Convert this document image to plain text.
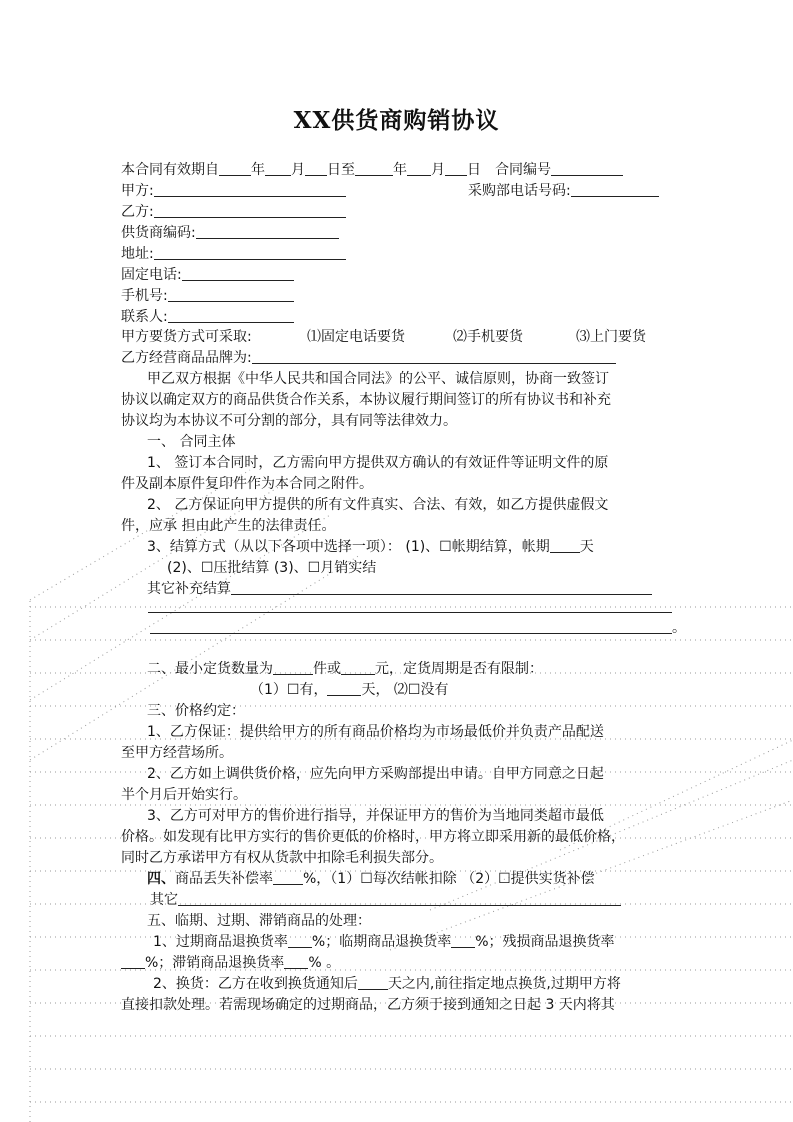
XX供货商购销协议
本合同有效期自 年 月 日至	年 月 日 合同编号
甲方:	采购部电话号码:
乙方:
供货商编码:
地址:
固定电话:
手机号:
联系人:
甲方要货方式可采取:	⑴固定电话要货	⑵手机要货	⑶上门要货
乙方经营商品品牌为:
甲乙双方根据《中华人民共和国合同法》的公平、诚信原则，协商一致签订
协议以确定双方的商品供货合作关系，本协议履行期间签订的所有协议书和补充
协议均为本协议不可分割的部分，具有同等法律效力。
一、 合同主体
1、 签订本合同时，乙方需向甲方提供双方确认的有效证件等证明文件的原
件及副本原件复印件作为本合同之附件。
2、 乙方保证向甲方提供的所有文件真实、合法、有效，如乙方提供虚假文
件，应承 担由此产生的法律责任。
3、结算方式（从以下各项中选择一项）： (1)、☐帐期结算，帐期 天
(2)、☐压批结算 (3)、☐月销实结
其它补充结算
。
二、最小定货数量为	件或 元，定货周期是否有限制：
（1）☐有， 天， ⑵☐没有
三、价格约定：
1、乙方保证：提供给甲方的所有商品价格均为市场最低价并负责产品配送
至甲方经营场所。
2、乙方如上调供货价格，应先向甲方采购部提出申请。自甲方同意之日起
半个月后开始实行。
3、乙方可对甲方的售价进行指导，并保证甲方的售价为当地同类超市最低
价格。如发现有比甲方实行的售价更低的价格时，甲方将立即采用新的最低价格，
同时乙方承诺甲方有权从货款中扣除毛利损失部分。
四、商品丢失补偿率 %，（1）☐每次结帐扣除 （2）☐提供实货补偿
其它
五、临期、过期、滞销商品的处理：
1、过期商品退换货率 %；临期商品退换货率 %；残损商品退换货率
%；滞销商品退换货率 % 。
2、换货：乙方在收到换货通知后 天之内,前往指定地点换货,过期甲方将
直接扣款处理。若需现场确定的过期商品，乙方须于接到通知之日起 3 天内将其
